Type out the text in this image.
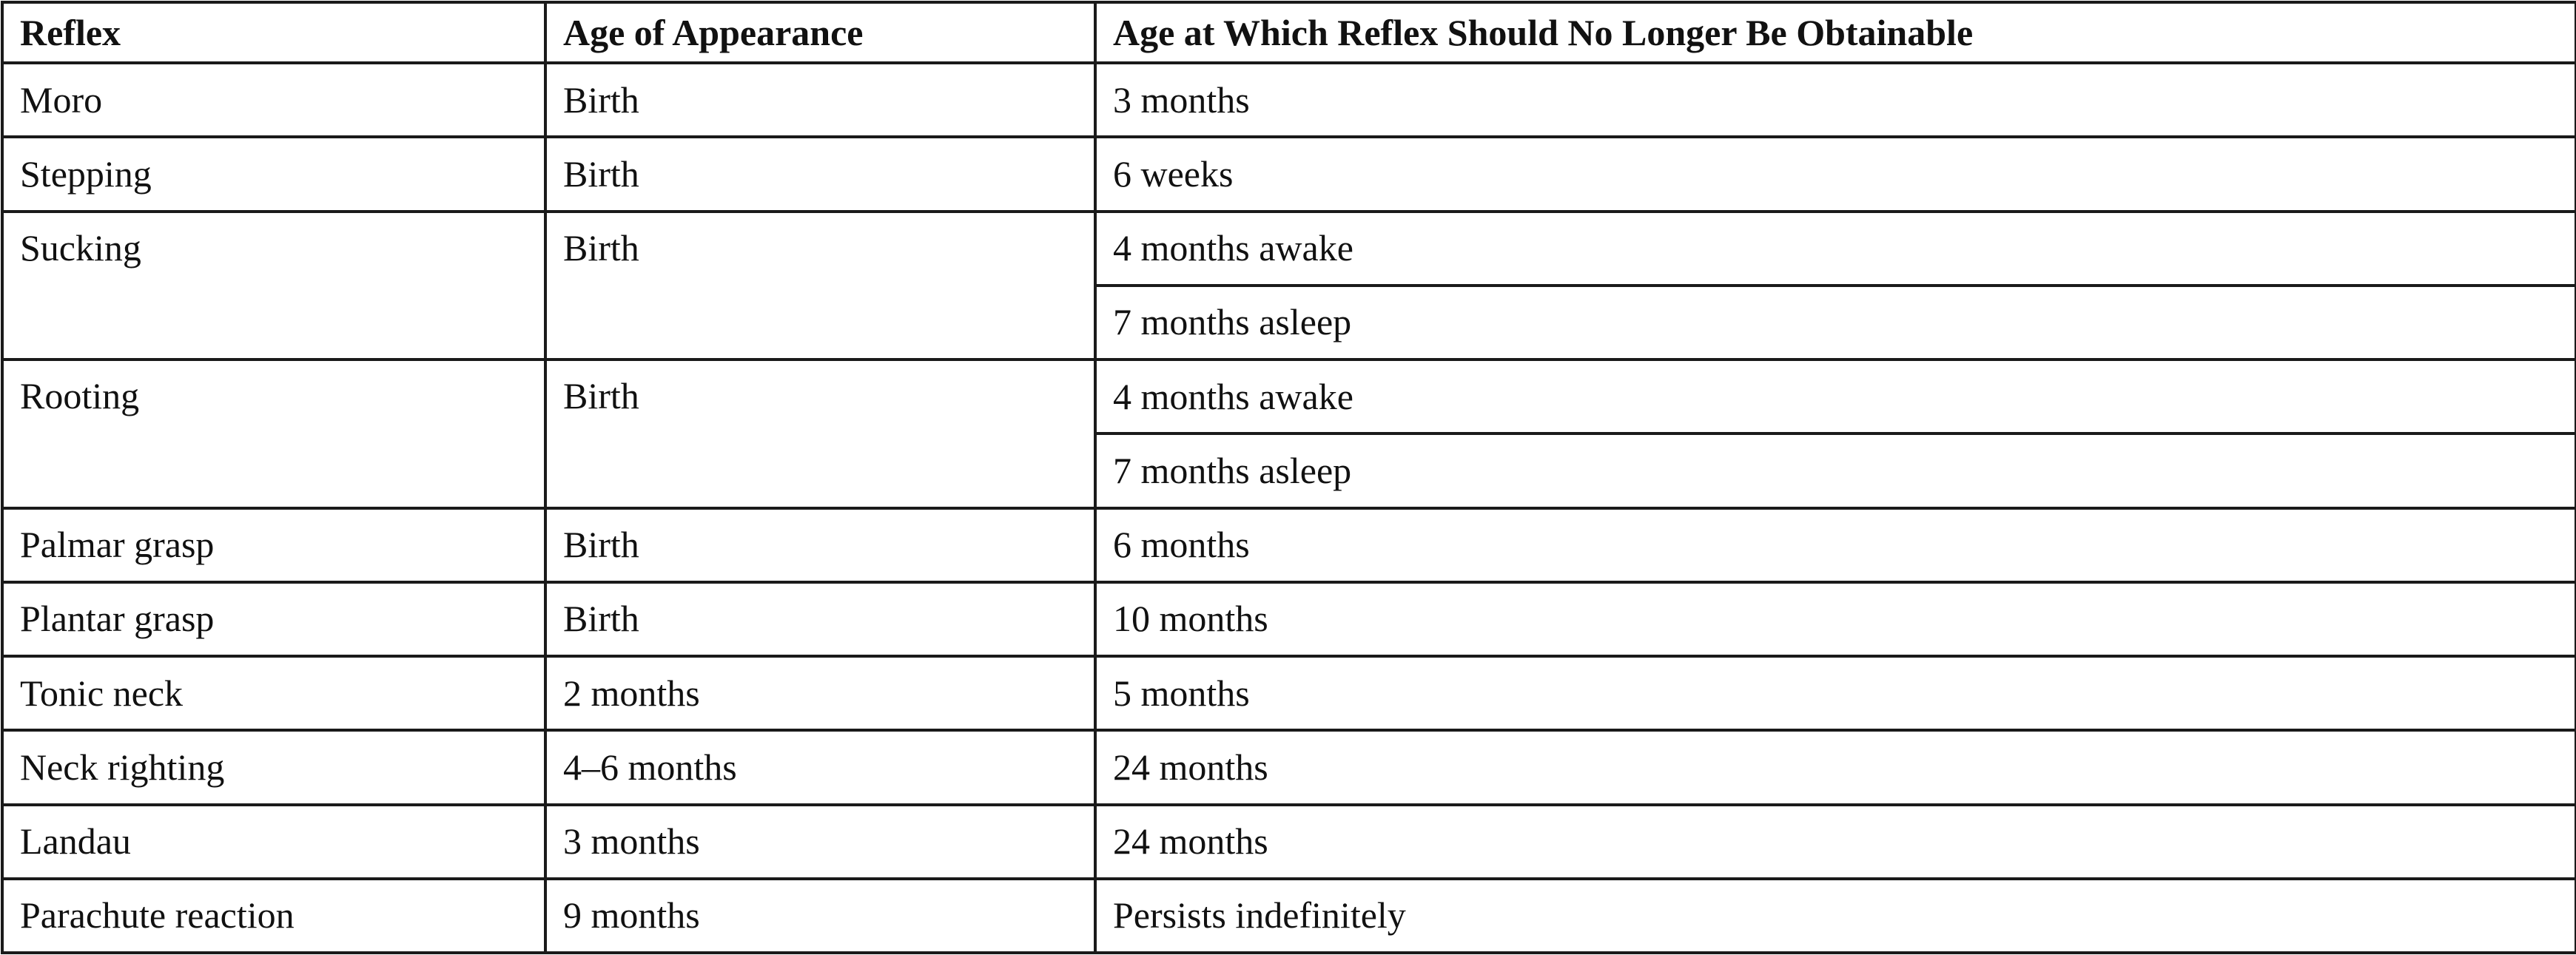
Reflex	Age of Appearance	Age at Which Reflex Should No Longer Be Obtainable
Moro	Birth	3 months
Stepping	Birth	6 weeks
Sucking	Birth	4 months awake
		7 months asleep
Rooting	Birth	4 months awake
		7 months asleep
Palmar grasp	Birth	6 months
Plantar grasp	Birth	10 months
Tonic neck	2 months	5 months
Neck righting	4–6 months	24 months
Landau	3 months	24 months
Parachute reaction	9 months	Persists indefinitely
